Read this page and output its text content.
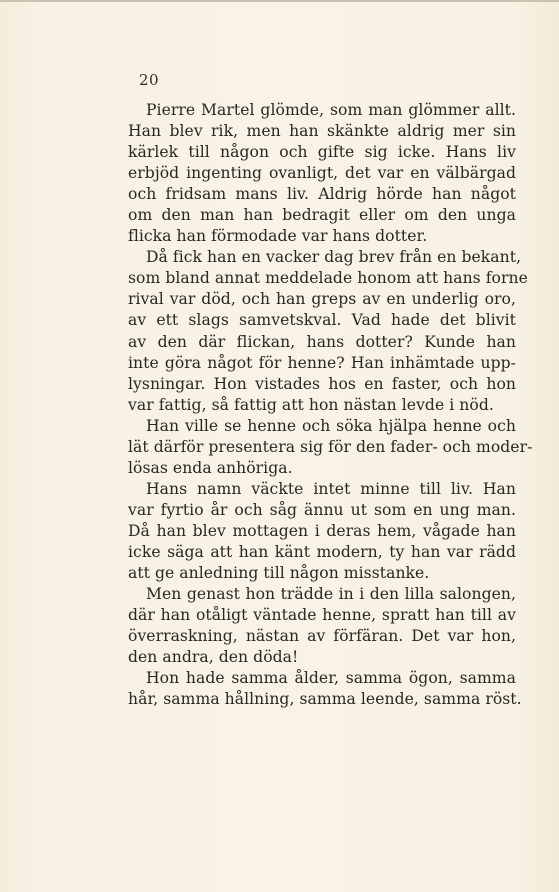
20
Pierre Martel glömde, som man glömmer allt.
Han blev rik, men han skänkte aldrig mer sin
kärlek till någon och gifte sig icke. Hans liv
erbjöd ingenting ovanligt, det var en välbärgad
och fridsam mans liv. Aldrig hörde han något
om den man han bedragit eller om den unga
flicka han förmodade var hans dotter.
Då fick han en vacker dag brev från en bekant,
som bland annat meddelade honom att hans forne
rival var död, och han greps av en underlig oro,
av ett slags samvetskval. Vad hade det blivit
av den där flickan, hans dotter? Kunde han
inte göra något för henne? Han inhämtade upp-
lysningar. Hon vistades hos en faster, och hon
var fattig, så fattig att hon nästan levde i nöd.
Han ville se henne och söka hjälpa henne och
lät därför presentera sig för den fader- och moder-
lösas enda anhöriga.
Hans namn väckte intet minne till liv. Han
var fyrtio år och såg ännu ut som en ung man.
Då han blev mottagen i deras hem, vågade han
icke säga att han känt modern, ty han var rädd
att ge anledning till någon misstanke.
Men genast hon trädde in i den lilla salongen,
där han otåligt väntade henne, spratt han till av
överraskning, nästan av förfäran. Det var hon,
den andra, den döda!
Hon hade samma ålder, samma ögon, samma
hår, samma hållning, samma leende, samma röst.
